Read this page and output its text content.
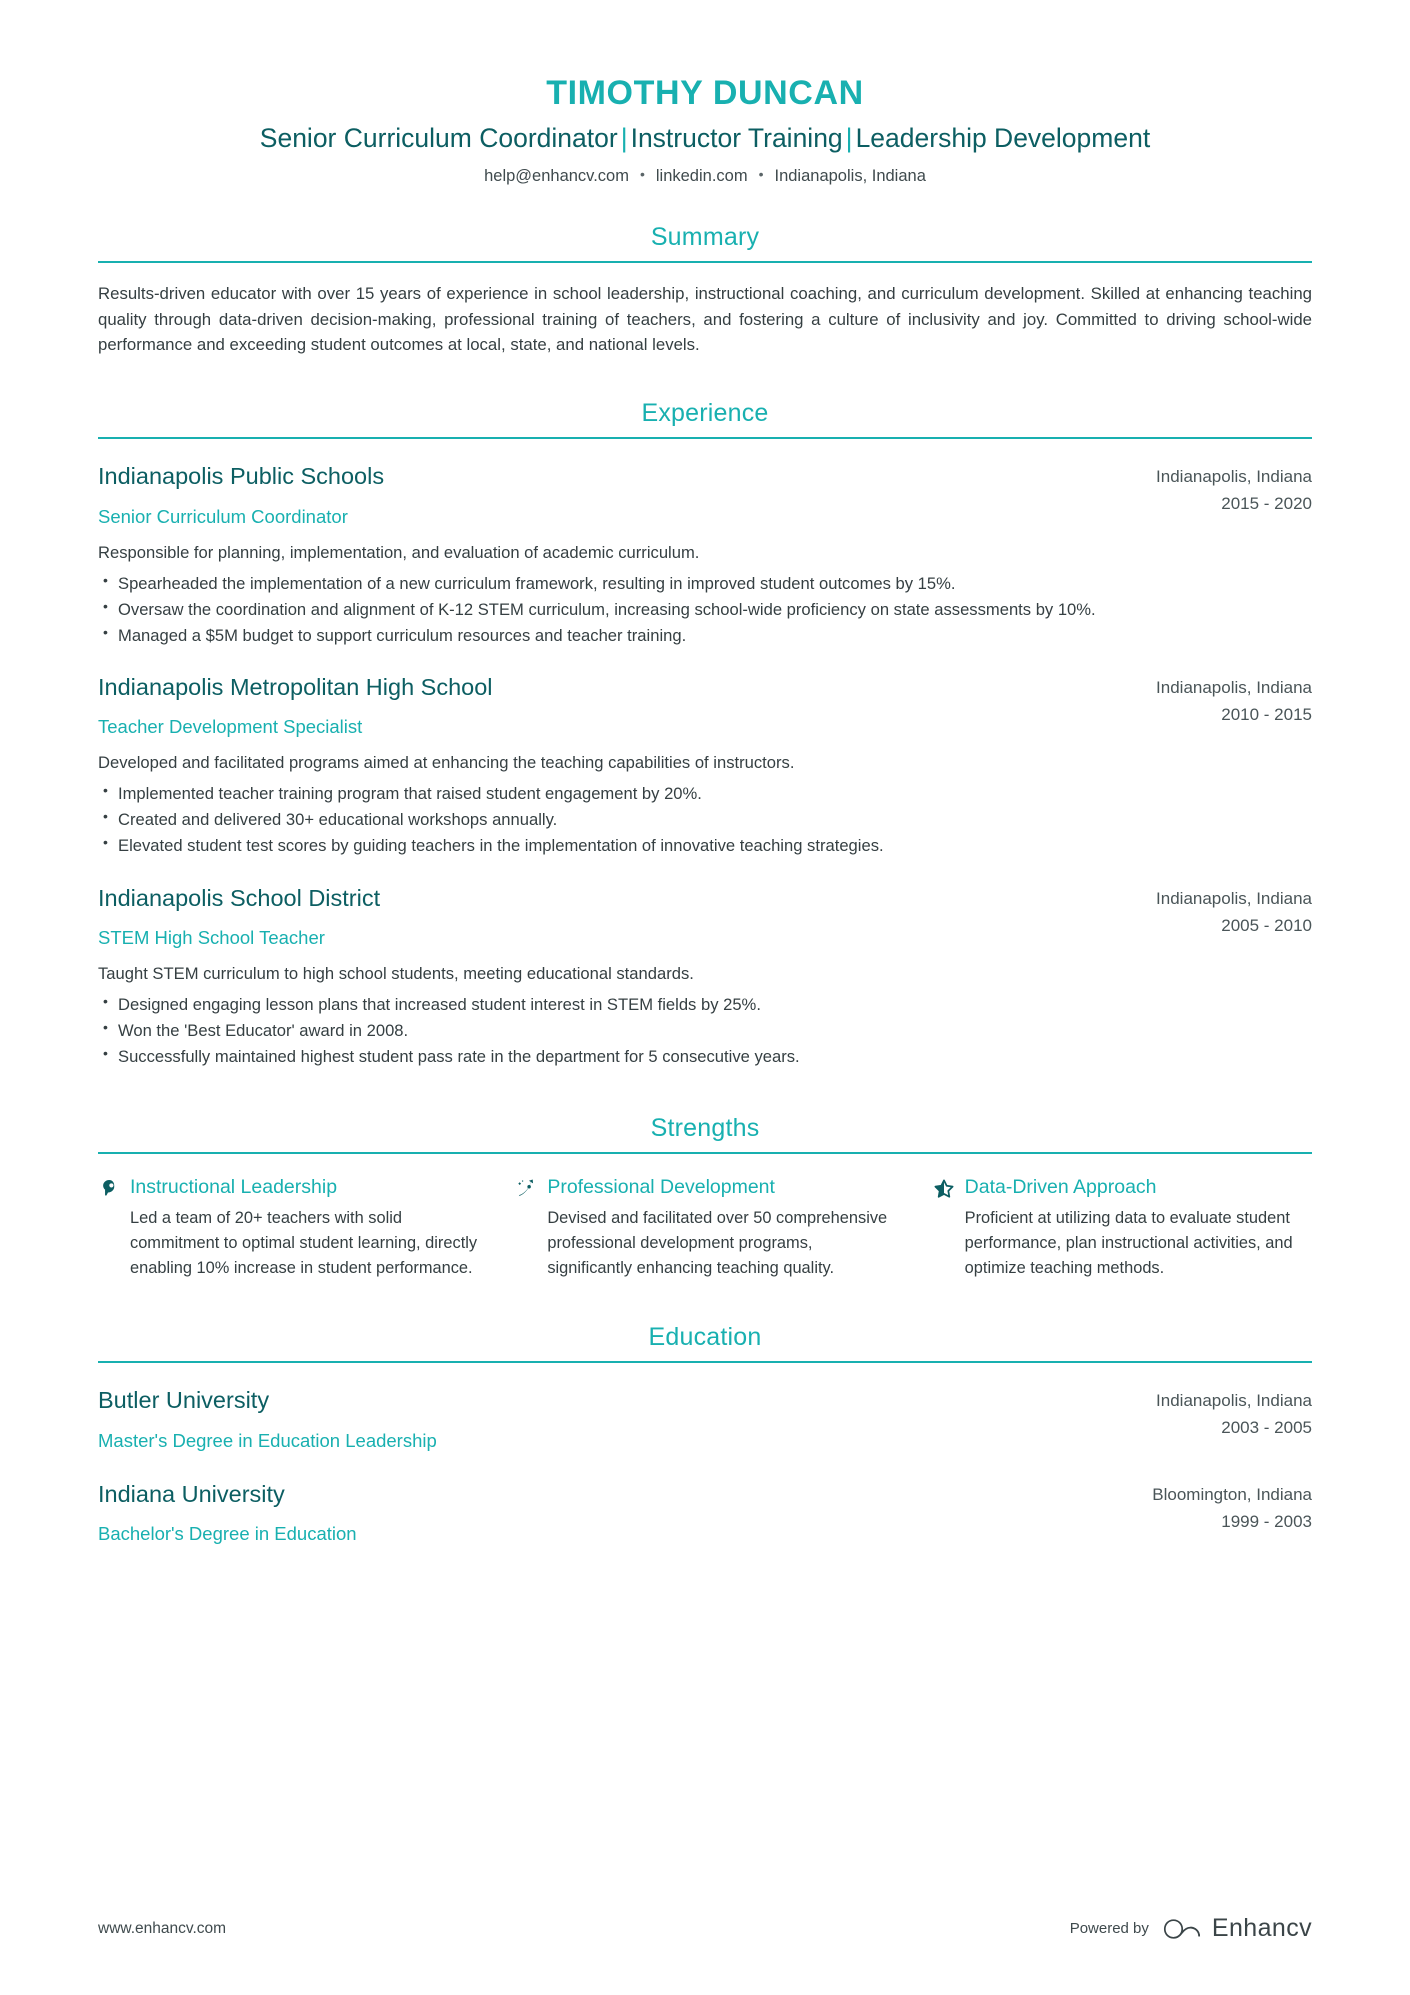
TIMOTHY DUNCAN
Senior Curriculum Coordinator | Instructor Training | Leadership Development
help@enhancv.com • linkedin.com • Indianapolis, Indiana
Summary

Results-driven educator with over 15 years of experience in school leadership, instructional coaching, and curriculum development. Skilled at enhancing teaching quality through data-driven decision-making, professional training of teachers, and fostering a culture of inclusivity and joy. Committed to driving school-wide performance and exceeding student outcomes at local, state, and national levels.

Experience
Indianapolis Public Schools
Senior Curriculum Coordinator
Responsible for planning, implementation, and evaluation of academic curriculum.
• Spearheaded the implementation of a new curriculum framework, resulting in improved student outcomes by 15%.
• Oversaw the coordination and alignment of K-12 STEM curriculum, increasing school-wide proficiency on state assessments by 10%.
• Managed a $5M budget to support curriculum resources and teacher training.
Indianapolis, Indiana
2015 - 2020
Indianapolis Metropolitan High School
Teacher Development Specialist
Developed and facilitated programs aimed at enhancing the teaching capabilities of instructors.
• Implemented teacher training program that raised student engagement by 20%.
• Created and delivered 30+ educational workshops annually.
• Elevated student test scores by guiding teachers in the implementation of innovative teaching strategies.
Indianapolis, Indiana
2010 - 2015
Indianapolis School District
STEM High School Teacher
Taught STEM curriculum to high school students, meeting educational standards.
• Designed engaging lesson plans that increased student interest in STEM fields by 25%.
• Won the 'Best Educator' award in 2008.
• Successfully maintained highest student pass rate in the department for 5 consecutive years.
Indianapolis, Indiana
2005 - 2010
Strengths
Instructional Leadership
Led a team of 20+ teachers with solid commitment to optimal student learning, directly enabling 10% increase in student performance.
Professional Development
Devised and facilitated over 50 comprehensive professional development programs, significantly enhancing teaching quality.
Data-Driven Approach
Proficient at utilizing data to evaluate student performance, plan instructional activities, and optimize teaching methods.
Education
Butler University
Master's Degree in Education Leadership
Indianapolis, Indiana
2003 - 2005
Indiana University
Bachelor's Degree in Education
Bloomington, Indiana
1999 - 2003
www.enhancv.com	Powered by	Enhancv
